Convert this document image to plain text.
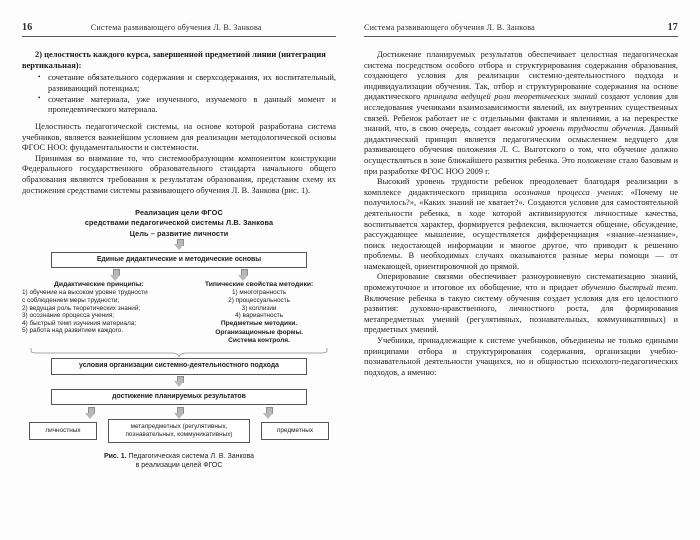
16	Система развивающего обучения Л. В. Занкова
2) целостность каждого курса, завершенной предметной линии (интеграция вертикальная):
• сочетание обязательного содержания и сверхсодержания, их воспитательный, развивающий потенциал;
• сочетание материала, уже изученного, изучаемого в данный момент и пропедевтического материала.

Целостность педагогической системы, на основе которой разработана система учебников, является важнейшим условием для реализации методологической основы ФГОС НОО: фундаментальности и системности.

Принимая во внимание то, что системообразующим компонентом конструкции Федерального государственного образовательного стандарта начального общего образования являются требования к результатам образования, представим схему их достижения средствами системы развивающего обучения Л. В. Занкова (рис. 1).

Реализация цели ФГОС
средствами педагогической системы Л.В. Занкова
Цель – развитие личности
Единые дидактические и методические основы
Дидактические принципы:
1) обучение на высоком уровне трудности
с соблюдением меры трудности;
2) ведущая роль теоретических знаний;
3) осознание процесса учения;
4) быстрый темп изучения материала;
5) работа над развитием каждого.
Типические свойства методики:
1) многогранность
2) процессуальность
3) коллизии
4) вариантность
Предметные методики.
Организационные формы.
Система контроля.
условия организации системно-деятельностного подхода
достижение планируемых результатов
личностных
метапредметных (регулятивных, познавательных, коммуникативных)
предметных
Рис. 1. Педагогическая система Л. В. Занкова
в реализации целей ФГОС
Система развивающего обучения Л. В. Занкова	17

Достижение планируемых результатов обеспечивает целостная педагогическая система посредством особого отбора и структурирования содержания образования, создающего условия для реализации системно-деятельностного подхода и индивидуализации обучения. Так, отбор и структурирование содержания на основе дидактического принципа ведущей роли теоретических знаний создают условия для исследования учениками взаимозависимости явлений, их внутренних существенных связей. Ребенок работает не с отдельными фактами и явлениями, а на перекрестке знаний, что, в свою очередь, создает высокий уровень трудности обучения. Данный дидактический принцип является педагогическим осмыслением ведущего для развивающего обучения положения Л. С. Выготского о том, что обучение должно осуществляться в зоне ближайшего развития ребенка. Это положение стало базовым и при разработке ФГОС НОО 2009 г.

Высокий уровень трудности ребенок преодолевает благодаря реализации в комплексе дидактического принципа осознания процесса учения: «Почему не получилось?», «Каких знаний не хватает?». Создаются условия для самостоятельной деятельности ребенка, в ходе которой активизируются личностные качества, воспитывается характер, формируется рефлексия, включается общение, обсуждение, рассуждающее мышление, осуществляется дифференциация «знание–незнание», поиск недостающей информации и многое другое, что приводит к решению проблемы. В необходимых случаях оказываются разные меры помощи — от намекающей, ориентировочной до прямой.

Оперирование связями обеспечивает разноуровневую систематизацию знаний, промежуточное и итоговое их обобщение, что и придает обучению быстрый темп. Включение ребенка в такую систему обучения создает условия для его целостного развития: духовно-нравственного, личностного роста, для формирования метапредметных умений (регулятивных, познавательных, коммуникативных) и предметных умений.

Учебники, принадлежащие к системе учебников, объединены не только едиными принципами отбора и структурирования содержания, организации учебно-познавательной деятельности учащихся, но и общностью психолого-педагогических подходов, а именно:
